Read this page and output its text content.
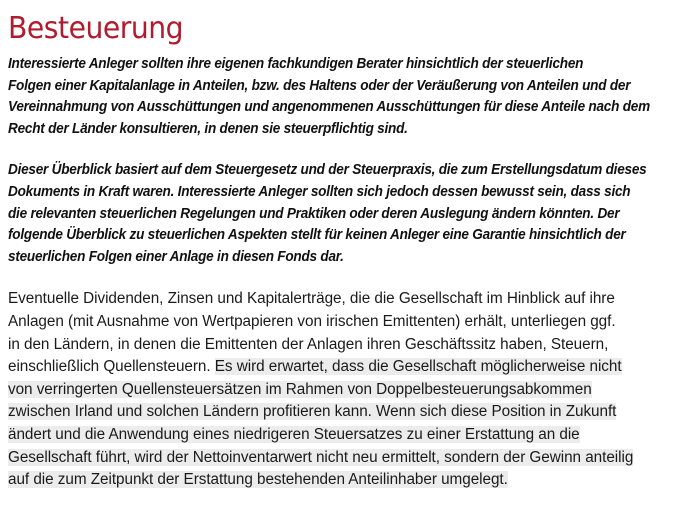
Besteuerung

Interessierte Anleger sollten ihre eigenen fachkundigen Berater hinsichtlich der steuerlichen
Folgen einer Kapitalanlage in Anteilen, bzw. des Haltens oder der Veräußerung von Anteilen und der
Vereinnahmung von Ausschüttungen und angenommenen Ausschüttungen für diese Anteile nach dem
Recht der Länder konsultieren, in denen sie steuerpflichtig sind.

Dieser Überblick basiert auf dem Steuergesetz und der Steuerpraxis, die zum Erstellungsdatum dieses
Dokuments in Kraft waren. Interessierte Anleger sollten sich jedoch dessen bewusst sein, dass sich
die relevanten steuerlichen Regelungen und Praktiken oder deren Auslegung ändern könnten. Der
folgende Überblick zu steuerlichen Aspekten stellt für keinen Anleger eine Garantie hinsichtlich der
steuerlichen Folgen einer Anlage in diesen Fonds dar.

Eventuelle Dividenden, Zinsen und Kapitalerträge, die die Gesellschaft im Hinblick auf ihre
Anlagen (mit Ausnahme von Wertpapieren von irischen Emittenten) erhält, unterliegen ggf.
in den Ländern, in denen die Emittenten der Anlagen ihren Geschäftssitz haben, Steuern,
einschließlich Quellensteuern. Es wird erwartet, dass die Gesellschaft möglicherweise nicht
von verringerten Quellensteuersätzen im Rahmen von Doppelbesteuerungsabkommen
zwischen Irland und solchen Ländern profitieren kann. Wenn sich diese Position in Zukunft
ändert und die Anwendung eines niedrigeren Steuersatzes zu einer Erstattung an die
Gesellschaft führt, wird der Nettoinventarwert nicht neu ermittelt, sondern der Gewinn anteilig
auf die zum Zeitpunkt der Erstattung bestehenden Anteilinhaber umgelegt.
